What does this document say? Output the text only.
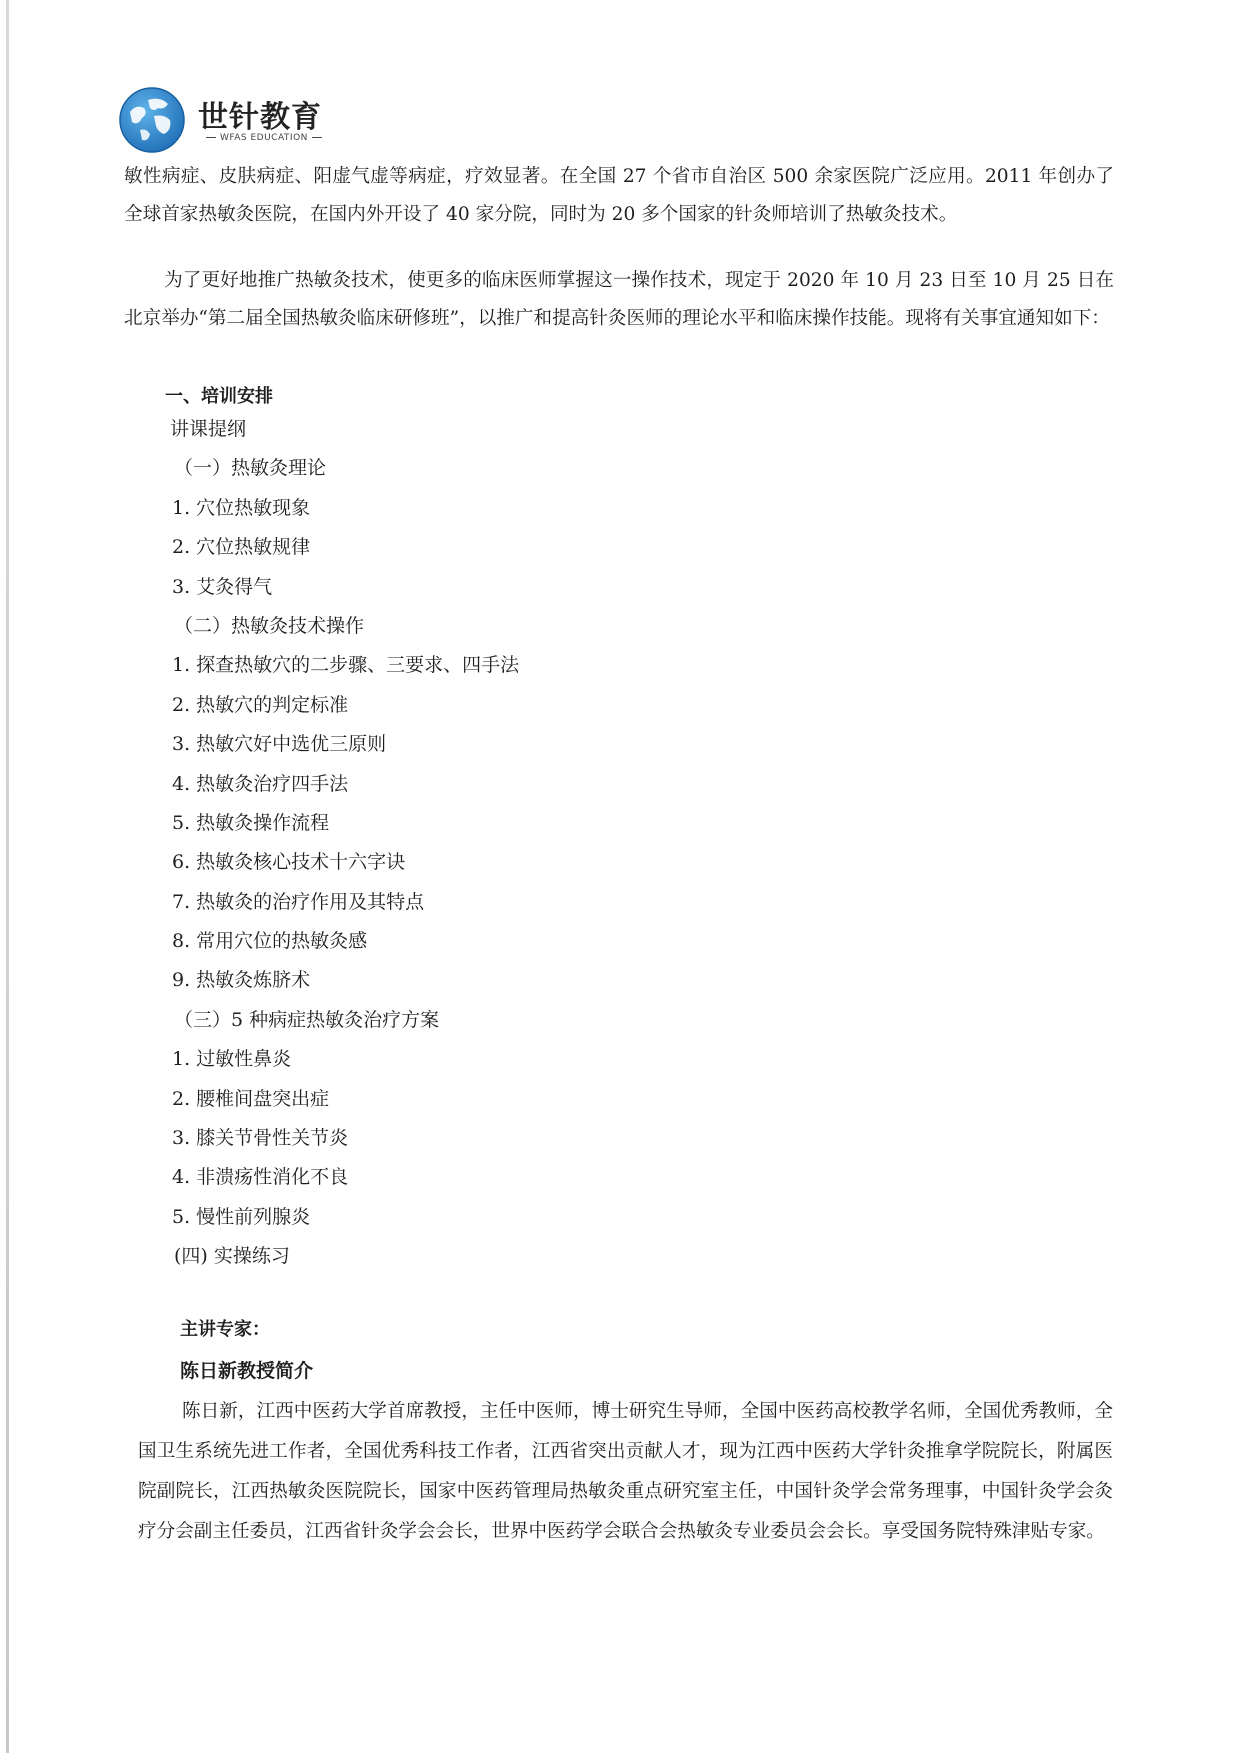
世针教育
WFAS EDUCATION
敏性病症、皮肤病症、阳虚气虚等病症，疗效显著。在全国 27 个省市自治区 500 余家医院广泛应用。2011 年创办了全球首家热敏灸医院，在国内外开设了 40 家分院，同时为 20 多个国家的针灸师培训了热敏灸技术。
为了更好地推广热敏灸技术，使更多的临床医师掌握这一操作技术，现定于 2020 年 10 月 23 日至 10 月 25 日在北京举办“第二届全国热敏灸临床研修班”，以推广和提高针灸医师的理论水平和临床操作技能。现将有关事宜通知如下：
一、培训安排
讲课提纲
（一）热敏灸理论
1. 穴位热敏现象
2. 穴位热敏规律
3. 艾灸得气
（二）热敏灸技术操作
1. 探查热敏穴的二步骤、三要求、四手法
2. 热敏穴的判定标准
3. 热敏穴好中选优三原则
4. 热敏灸治疗四手法
5. 热敏灸操作流程
6. 热敏灸核心技术十六字诀
7. 热敏灸的治疗作用及其特点
8. 常用穴位的热敏灸感
9. 热敏灸炼脐术
（三）5 种病症热敏灸治疗方案
1. 过敏性鼻炎
2. 腰椎间盘突出症
3. 膝关节骨性关节炎
4. 非溃疡性消化不良
5. 慢性前列腺炎
(四) 实操练习
主讲专家：
陈日新教授简介
陈日新，江西中医药大学首席教授，主任中医师，博士研究生导师，全国中医药高校教学名师，全国优秀教师，全国卫生系统先进工作者，全国优秀科技工作者，江西省突出贡献人才，现为江西中医药大学针灸推拿学院院长，附属医院副院长，江西热敏灸医院院长，国家中医药管理局热敏灸重点研究室主任，中国针灸学会常务理事，中国针灸学会灸疗分会副主任委员，江西省针灸学会会长，世界中医药学会联合会热敏灸专业委员会会长。享受国务院特殊津贴专家。
